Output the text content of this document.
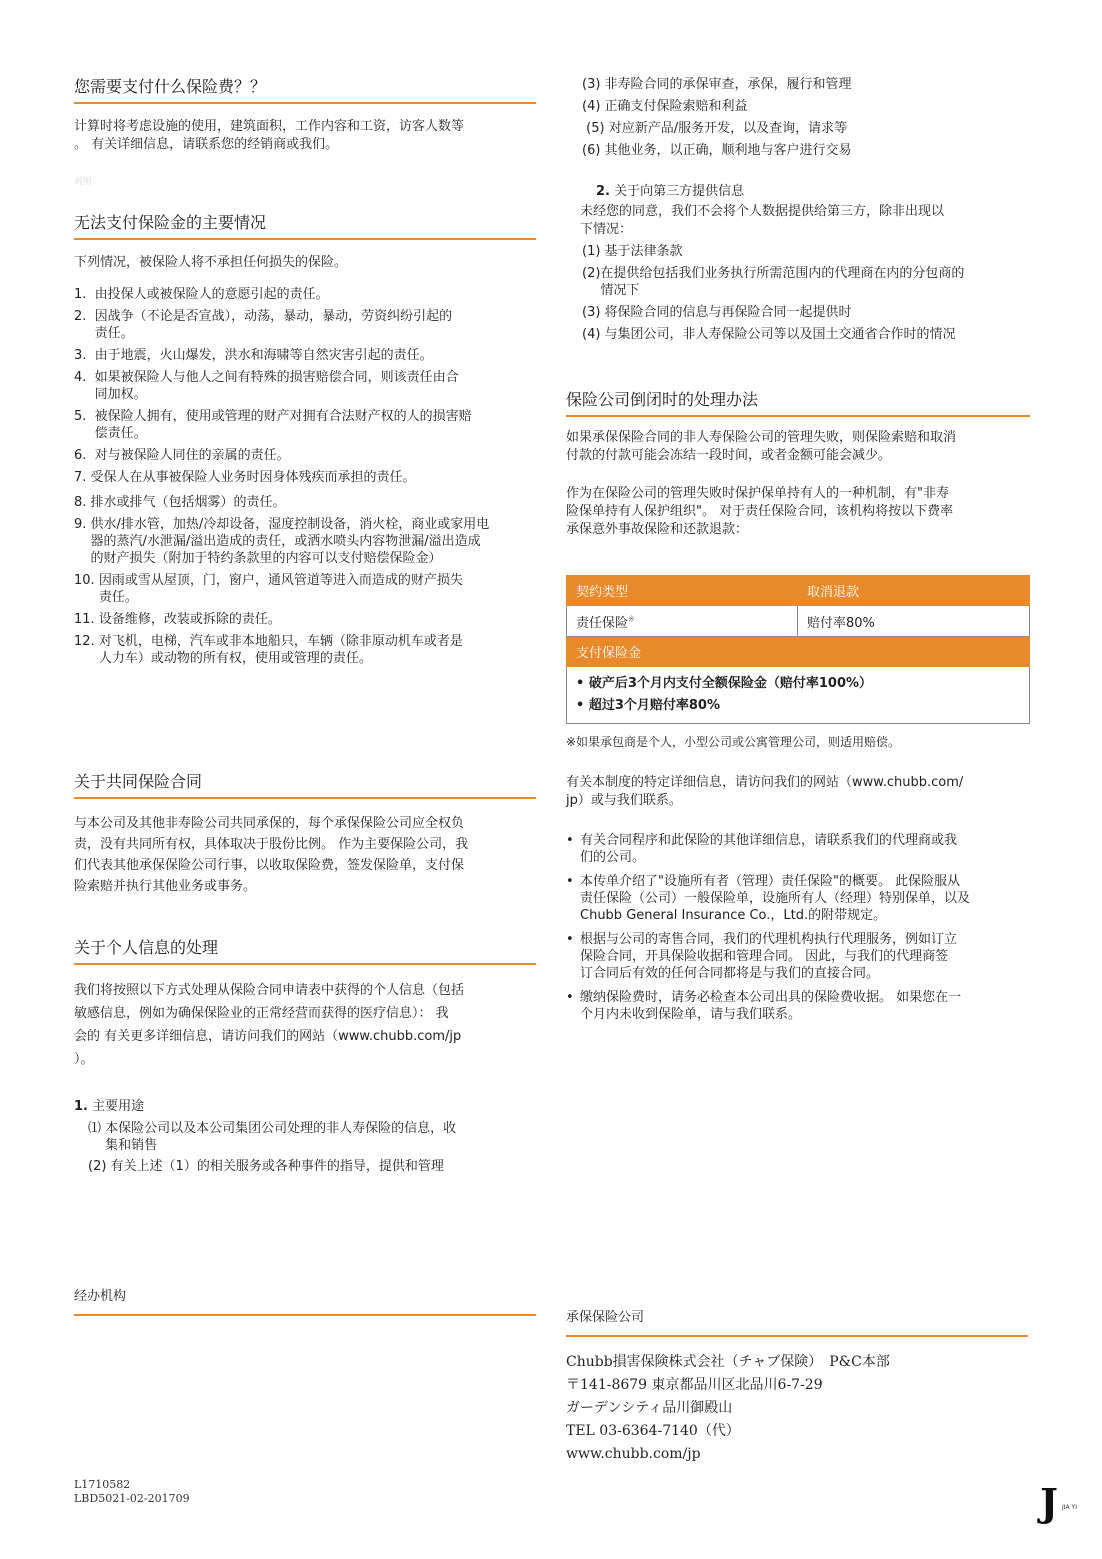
您需要支付什么保险费？？

计算时将考虑设施的使用，建筑面积，工作内容和工资，访客人数等
。 有关详细信息，请联系您的经销商或我们。

说明

无法支付保险金的主要情况

下列情况，被保险人将不承担任何损失的保险。

1. 由投保人或被保险人的意愿引起的责任。
2. 因战争（不论是否宣战），动荡，暴动，暴动，劳资纠纷引起的
责任。
3. 由于地震，火山爆发，洪水和海啸等自然灾害引起的责任。
4. 如果被保险人与他人之间有特殊的损害赔偿合同，则该责任由合
同加权。
5. 被保险人拥有，使用或管理的财产对拥有合法财产权的人的损害赔
偿责任。
6. 对与被保险人同住的亲属的责任。
7. 受保人在从事被保险人业务时因身体残疾而承担的责任。
8. 排水或排气（包括烟雾）的责任。
9. 供水/排水管，加热/冷却设备，湿度控制设备，消火栓，商业或家用电
器的蒸汽/水泄漏/溢出造成的责任，或洒水喷头内容物泄漏/溢出造成
的财产损失（附加于特约条款里的内容可以支付赔偿保险金）
10. 因雨或雪从屋顶，门，窗户，通风管道等进入而造成的财产损失
责任。
11. 设备维修，改装或拆除的责任。
12. 对飞机，电梯，汽车或非本地船只，车辆（除非原动机车或者是
人力车）或动物的所有权，使用或管理的责任。
关于共同保险合同

与本公司及其他非寿险公司共同承保的，每个承保保险公司应全权负
责，没有共同所有权，具体取决于股份比例。 作为主要保险公司，我
们代表其他承保保险公司行事，以收取保险费，签发保险单，支付保
险索赔并执行其他业务或事务。

关于个人信息的处理

我们将按照以下方式处理从保险合同申请表中获得的个人信息（包括
敏感信息，例如为确保保险业的正常经营而获得的医疗信息）： 我
会的 有关更多详细信息，请访问我们的网站（www.chubb.com/jp
）。

1. 主要用途

⑴ 本保险公司以及本公司集团公司处理的非人寿保险的信息，收
集和销售
(2) 有关上述（1）的相关服务或各种事件的指导，提供和管理

经办机构

(3) 非寿险合同的承保审查，承保，履行和管理
(4) 正确支付保险索赔和利益
(5) 对应新产品/服务开发，以及查询，请求等
(6) 其他业务，以正确，顺利地与客户进行交易

2. 关于向第三方提供信息

未经您的同意，我们不会将个人数据提供给第三方，除非出现以
下情况：

(1) 基于法律条款
(2) 在提供给包括我们业务执行所需范围内的代理商在内的分包商的
情况下
(3) 将保险合同的信息与再保险合同一起提供时
(4) 与集团公司，非人寿保险公司等以及国土交通省合作时的情况
保险公司倒闭时的处理办法

如果承保保险合同的非人寿保险公司的管理失败，则保险索赔和取消
付款的付款可能会冻结一段时间，或者金额可能会减少。

作为在保险公司的管理失败时保护保单持有人的一种机制，有"非寿
险保单持有人保护组织"。 对于责任保险合同，该机构将按以下费率
承保意外事故保险和还款退款：

契约类型	取消退款
责任保险※	赔付率80%
支付保险金	

• 破产后3个月内支付全额保险金（赔付率100%）
• 超过3个月赔付率80%	

※如果承包商是个人，小型公司或公寓管理公司，则适用赔偿。

有关本制度的特定详细信息，请访问我们的网站（www.chubb.com/
jp）或与我们联系。

• 有关合同程序和此保险的其他详细信息，请联系我们的代理商或我
们的公司。
• 本传单介绍了"设施所有者（管理）责任保险"的概要。 此保险服从
责任保险（公司）一般保险单，设施所有人（经理）特别保单，以及
Chubb General Insurance Co.，Ltd.的附带规定。
• 根据与公司的寄售合同，我们的代理机构执行代理服务，例如订立
保险合同，开具保险收据和管理合同。 因此，与我们的代理商签
订合同后有效的任何合同都将是与我们的直接合同。
• 缴纳保险费时，请务必检查本公司出具的保险费收据。 如果您在一
个月内未收到保险单，请与我们联系。

承保保险公司

Chubb損害保険株式会社（チャブ保険）　P&C本部
〒141-8679 東京都品川区北品川6-7-29
ガーデンシティ品川御殿山
TEL 03-6364-7140（代）
www.chubb.com/jp
L1710582
LBD5021-02-201709	J JIA YI
